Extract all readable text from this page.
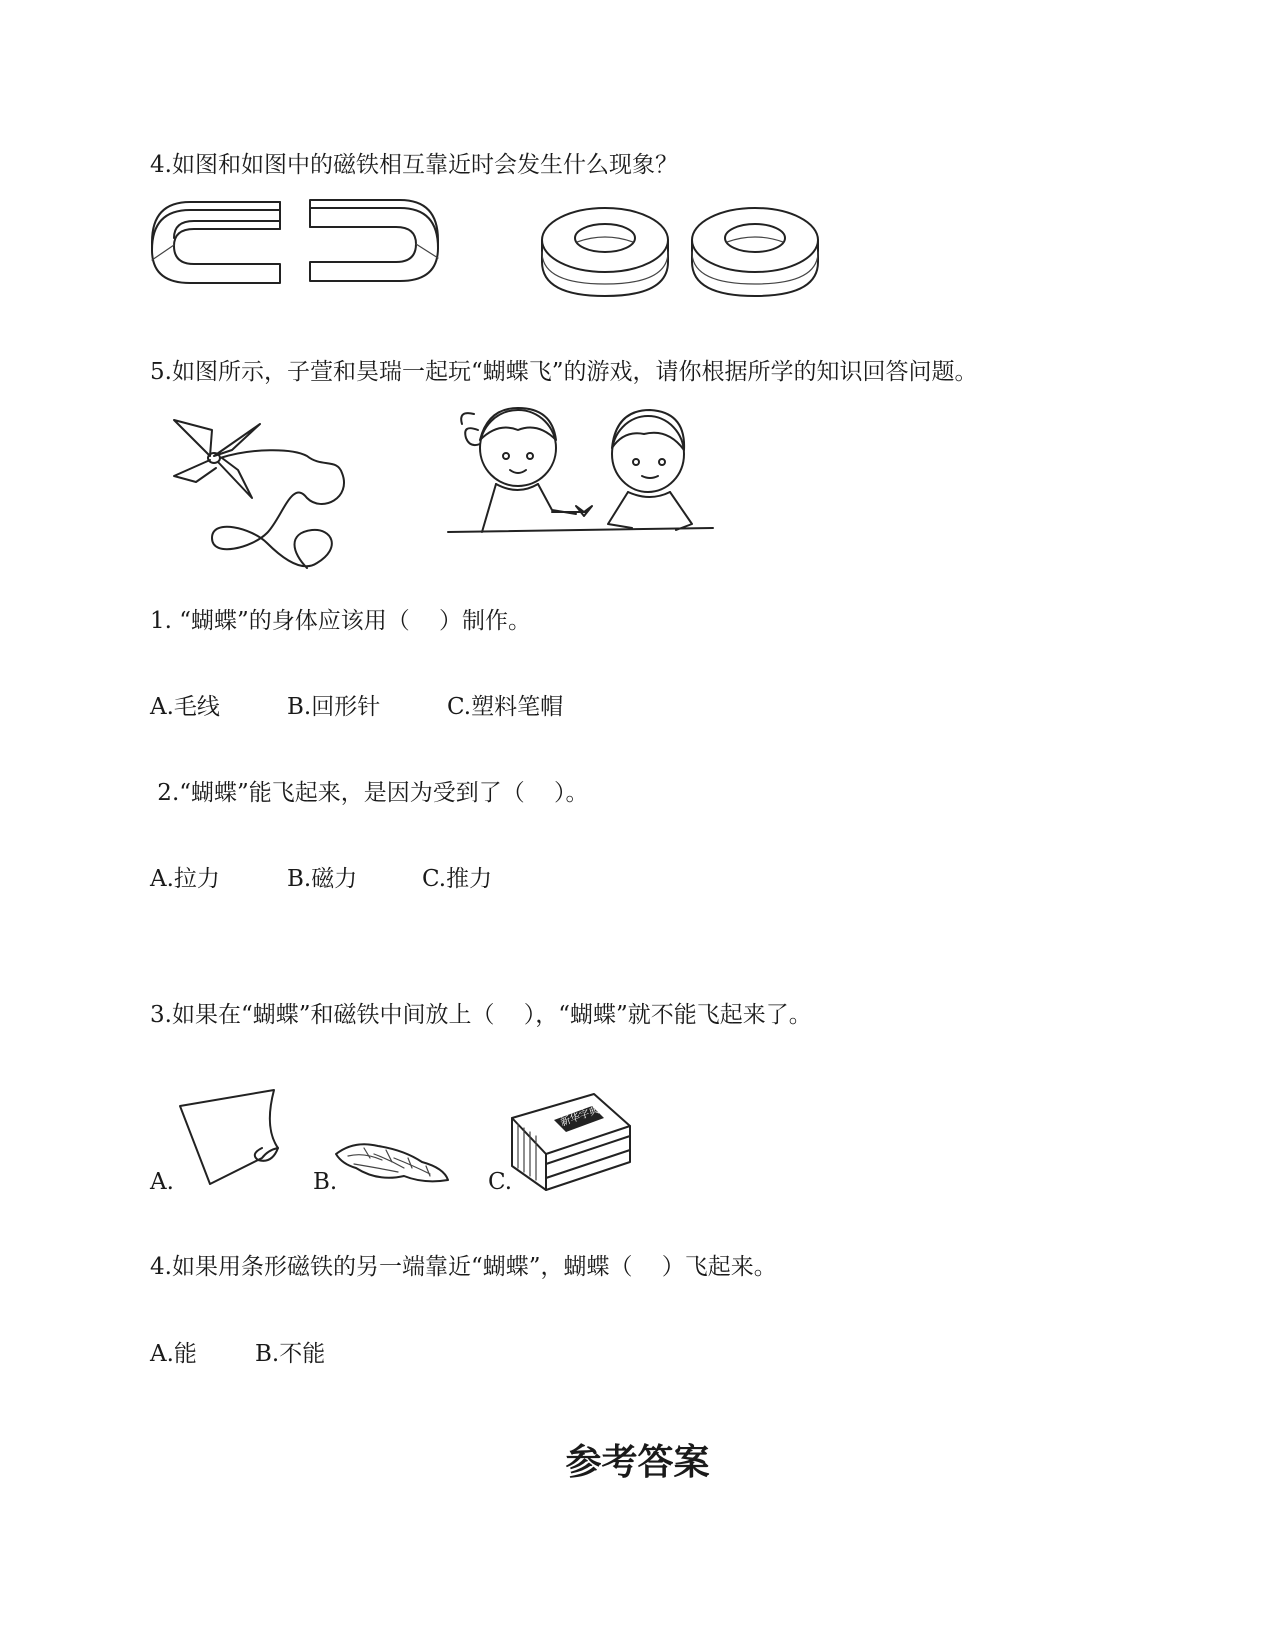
4.如图和如图中的磁铁相互靠近时会发生什么现象？
5.如图所示，子萱和昊瑞一起玩“蝴蝶飞”的游戏，请你根据所学的知识回答问题。
1. “蝴蝶”的身体应该用（    ）制作。
A.毛线	B.回形针	C.塑料笔帽
2.“蝴蝶”能飞起来，是因为受到了（    ）。
A.拉力	B.磁力	C.推力
3.如果在“蝴蝶”和磁铁中间放上（    ），“蝴蝶”就不能飞起来了。
A.	B.	C.
新华字典
4.如果用条形磁铁的另一端靠近“蝴蝶”，蝴蝶（    ）飞起来。
A.能	B.不能
参考答案
